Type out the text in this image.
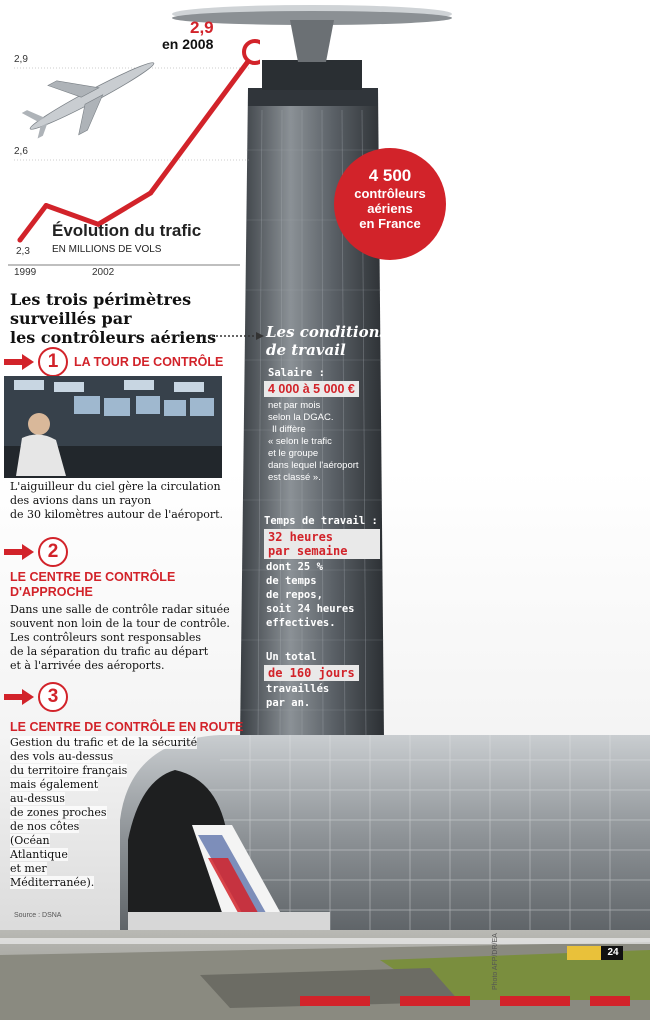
2,9
2,6
2,3
1999	2002
Évolution du trafic
EN MILLIONS DE VOLS
2,9
en 2008
4 500
contrôleurs
aériens
en France
Les trois périmètres
surveillés par
les contrôleurs aériens
1	LA TOUR DE CONTRÔLE
L'aiguilleur du ciel gère la circulation
des avions dans un rayon
de 30 kilomètres autour de l'aéroport.
2
LE CENTRE DE CONTRÔLE
D'APPROCHE
Dans une salle de contrôle radar située
souvent non loin de la tour de contrôle.
Les contrôleurs sont responsables
de la séparation du trafic au départ
et à l'arrivée des aéroports.
3
LE CENTRE DE CONTRÔLE EN ROUTE
Gestion du trafic et de la sécurité
des vols au-dessus
du territoire français
mais également
au-dessus
de zones proches
de nos côtes
(Océan
Atlantique
et mer
Méditerranée).
Source : DSNA
Photo AFP/DR/EA	24
Les conditions
de travail
Salaire :
4 000 à 5 000 €
net par mois
selon la DGAC.
Il diffère
« selon le trafic
et le groupe
dans lequel l'aéroport
est classé ».
Temps de travail :
32 heures
par semaine
dont 25 %
de temps
de repos,
soit 24 heures
effectives.
Un total
de 160 jours
travaillés
par an.
